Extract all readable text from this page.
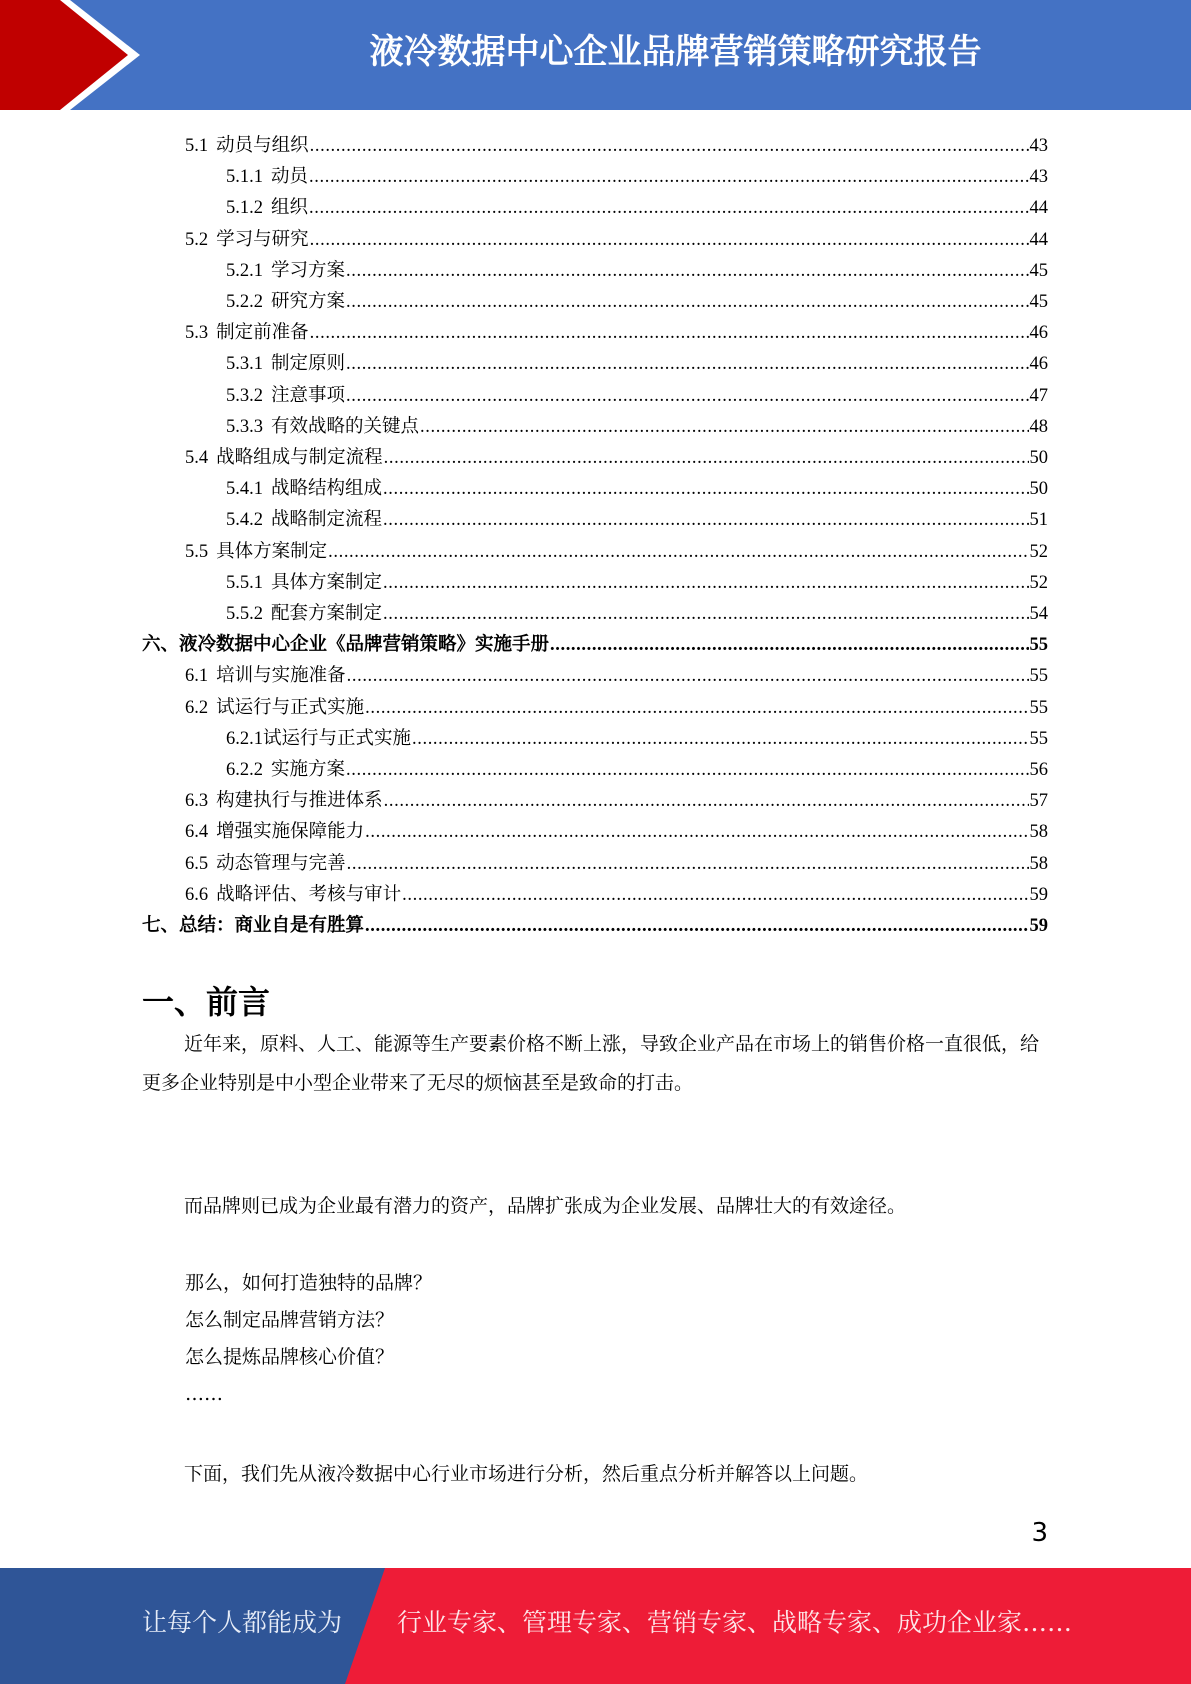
液冷数据中心企业品牌营销策略研究报告
5.1 动员与组织 .....	43
5.1.1 动员 .....	43
5.1.2 组织 .....	44
5.2 学习与研究 .....	44
5.2.1 学习方案 .....	45
5.2.2 研究方案 .....	45
5.3 制定前准备 .....	46
5.3.1 制定原则 .....	46
5.3.2 注意事项 .....	47
5.3.3 有效战略的关键点 .....	48
5.4 战略组成与制定流程 .....	50
5.4.1 战略结构组成 .....	50
5.4.2 战略制定流程 .....	51
5.5 具体方案制定 .....	52
5.5.1 具体方案制定 .....	52
5.5.2 配套方案制定 .....	54
六、液冷数据中心企业《品牌营销策略》实施手册 .....	55
6.1 培训与实施准备 .....	55
6.2 试运行与正式实施 .....	55
6.2.1试运行与正式实施 .....	55
6.2.2 实施方案 .....	56
6.3 构建执行与推进体系 .....	57
6.4 增强实施保障能力 .....	58
6.5 动态管理与完善 .....	58
6.6 战略评估、考核与审计 .....	59
七、总结：商业自是有胜算 .....	59
一、前言
近年来，原料、人工、能源等生产要素价格不断上涨，导致企业产品在市场上的销售价格一直很低，给更多企业特别是中小型企业带来了无尽的烦恼甚至是致命的打击。
而品牌则已成为企业最有潜力的资产，品牌扩张成为企业发展、品牌壮大的有效途径。
那么，如何打造独特的品牌？
怎么制定品牌营销方法？
怎么提炼品牌核心价值？
……
下面，我们先从液冷数据中心行业市场进行分析，然后重点分析并解答以上问题。
3
让每个人都能成为 行业专家、管理专家、营销专家、战略专家、成功企业家……
